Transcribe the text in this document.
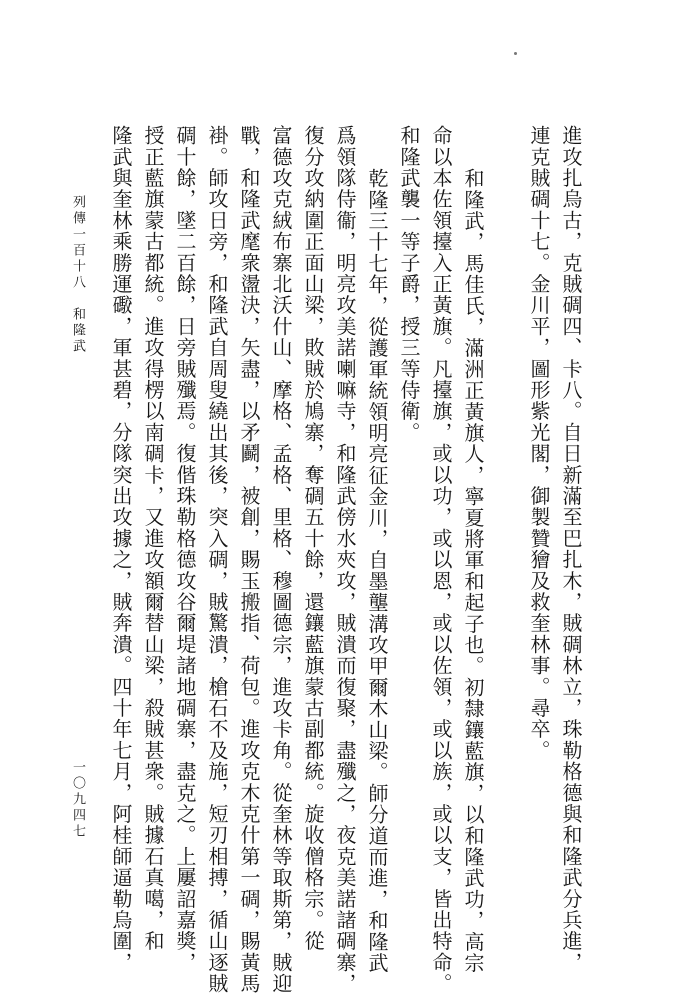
進攻扎烏古，克賊碉四、卡八。自日新滿至巴扎木，賊碉林立，珠勒格德與和隆武分兵進，
連克賊碉十七。金川平，圖形紫光閣，御製贊獪及救奎林事。尋卒。
和隆武，馬佳氏，滿洲正黃旗人，寧夏將軍和起子也。初隸鑲藍旗，以和隆武功，高宗
命以本佐領擡入正黃旗。凡擡旗，或以功，或以恩，或以佐領，或以族，或以支，皆出特命。
和隆武襲一等子爵，授三等侍衛。
乾隆三十七年，從護軍統領明亮征金川，自墨壟溝攻甲爾木山梁。師分道而進，和隆武
爲領隊侍衞，明亮攻美諾喇嘛寺，和隆武傍水夾攻，賊潰而復聚，盡殲之，夜克美諾諸碉寨，
復分攻納圍正面山梁，敗賊於鳩寨，奪碉五十餘，還鑲藍旗蒙古副都統。旋收僧格宗。從
富德攻克絨布寨北沃什山、摩格、孟格、里格、穆圖德宗，進攻卡角。從奎林等取斯第，賊迎
戰，和隆武麾衆盪決，矢盡，以矛鬬，被創，賜玉搬指、荷包。進攻克木克什第一碉，賜黃馬
褂。師攻日旁，和隆武自周叟繞出其後，突入碉，賊驚潰，槍石不及施，短刃相搏，循山逐賊
碉十餘，墜二百餘，日旁賊殲焉。復偕珠勒格德攻谷爾堤諸地碉寨，盡克之。上屢詔嘉獎，
授正藍旗蒙古都統。進攻得楞以南碉卡，又進攻額爾替山梁，殺賊甚衆。賊據石真噶，和
隆武與奎林乘勝運礮，軍甚碧，分隊突出攻據之，賊奔潰。四十年七月，阿桂師逼勒烏圍，
列傳一百十八　和隆武
一〇九四七
